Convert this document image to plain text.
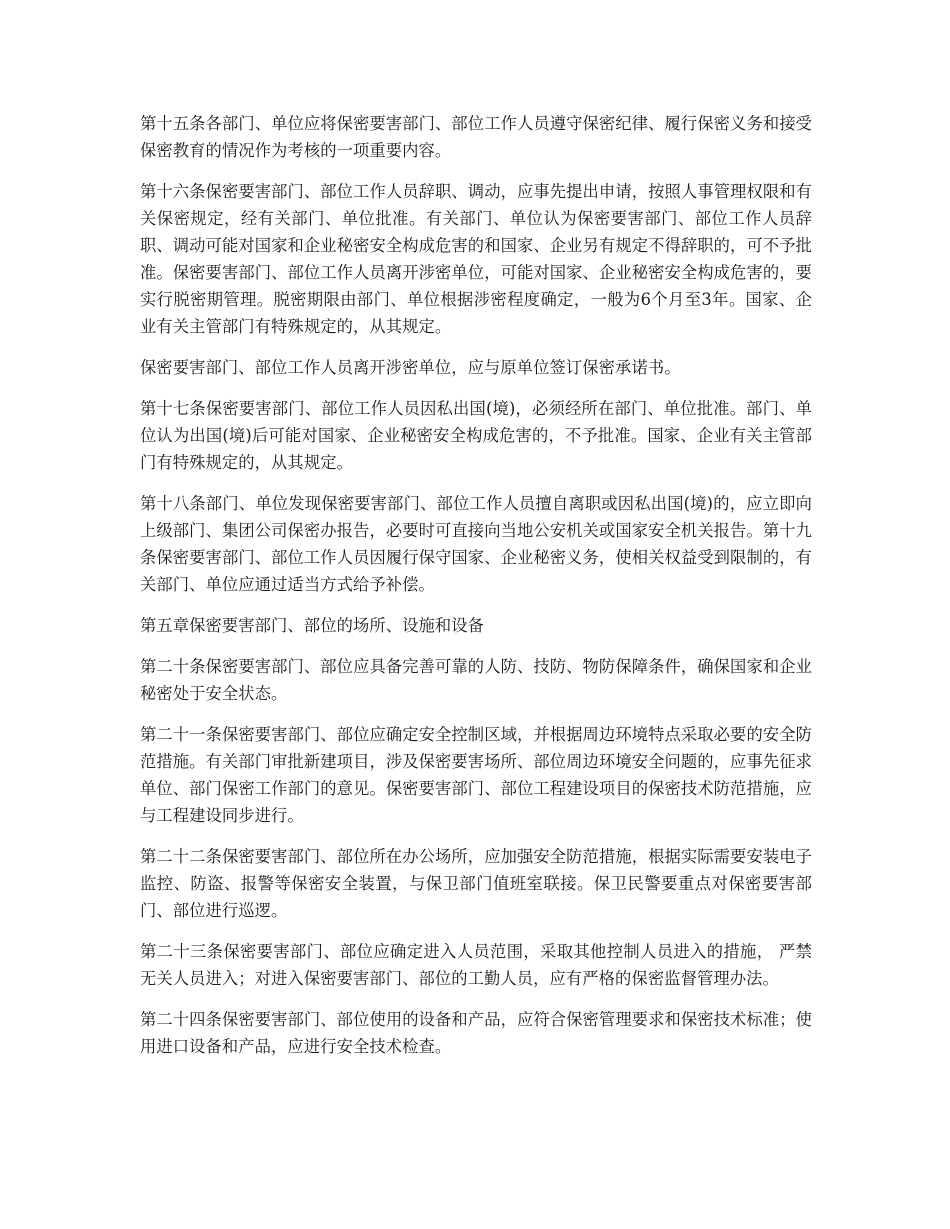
第十五条各部门、单位应将保密要害部门、部位工作人员遵守保密纪律、履行保密义务和接受保密教育的情况作为考核的一项重要内容。

第十六条保密要害部门、部位工作人员辞职、调动，应事先提出申请，按照人事管理权限和有关保密规定，经有关部门、单位批准。有关部门、单位认为保密要害部门、部位工作人员辞职、调动可能对国家和企业秘密安全构成危害的和国家、企业另有规定不得辞职的，可不予批准。保密要害部门、部位工作人员离开涉密单位，可能对国家、企业秘密安全构成危害的，要实行脱密期管理。脱密期限由部门、单位根据涉密程度确定，一般为6个月至3年。国家、企业有关主管部门有特殊规定的，从其规定。

保密要害部门、部位工作人员离开涉密单位，应与原单位签订保密承诺书。

第十七条保密要害部门、部位工作人员因私出国(境)，必须经所在部门、单位批准。部门、单位认为出国(境)后可能对国家、企业秘密安全构成危害的，不予批准。国家、企业有关主管部门有特殊规定的，从其规定。

第十八条部门、单位发现保密要害部门、部位工作人员擅自离职或因私出国(境)的，应立即向上级部门、集团公司保密办报告，必要时可直接向当地公安机关或国家安全机关报告。第十九条保密要害部门、部位工作人员因履行保守国家、企业秘密义务，使相关权益受到限制的，有关部门、单位应通过适当方式给予补偿。

第五章保密要害部门、部位的场所、设施和设备

第二十条保密要害部门、部位应具备完善可靠的人防、技防、物防保障条件，确保国家和企业秘密处于安全状态。

第二十一条保密要害部门、部位应确定安全控制区域，并根据周边环境特点采取必要的安全防范措施。有关部门审批新建项目，涉及保密要害场所、部位周边环境安全问题的，应事先征求单位、部门保密工作部门的意见。保密要害部门、部位工程建设项目的保密技术防范措施，应与工程建设同步进行。

第二十二条保密要害部门、部位所在办公场所，应加强安全防范措施，根据实际需要安装电子监控、防盗、报警等保密安全装置，与保卫部门值班室联接。保卫民警要重点对保密要害部门、部位进行巡逻。

第二十三条保密要害部门、部位应确定进入人员范围，采取其他控制人员进入的措施， 严禁无关人员进入；对进入保密要害部门、部位的工勤人员，应有严格的保密监督管理办法。

第二十四条保密要害部门、部位使用的设备和产品，应符合保密管理要求和保密技术标准；使用进口设备和产品，应进行安全技术检查。
